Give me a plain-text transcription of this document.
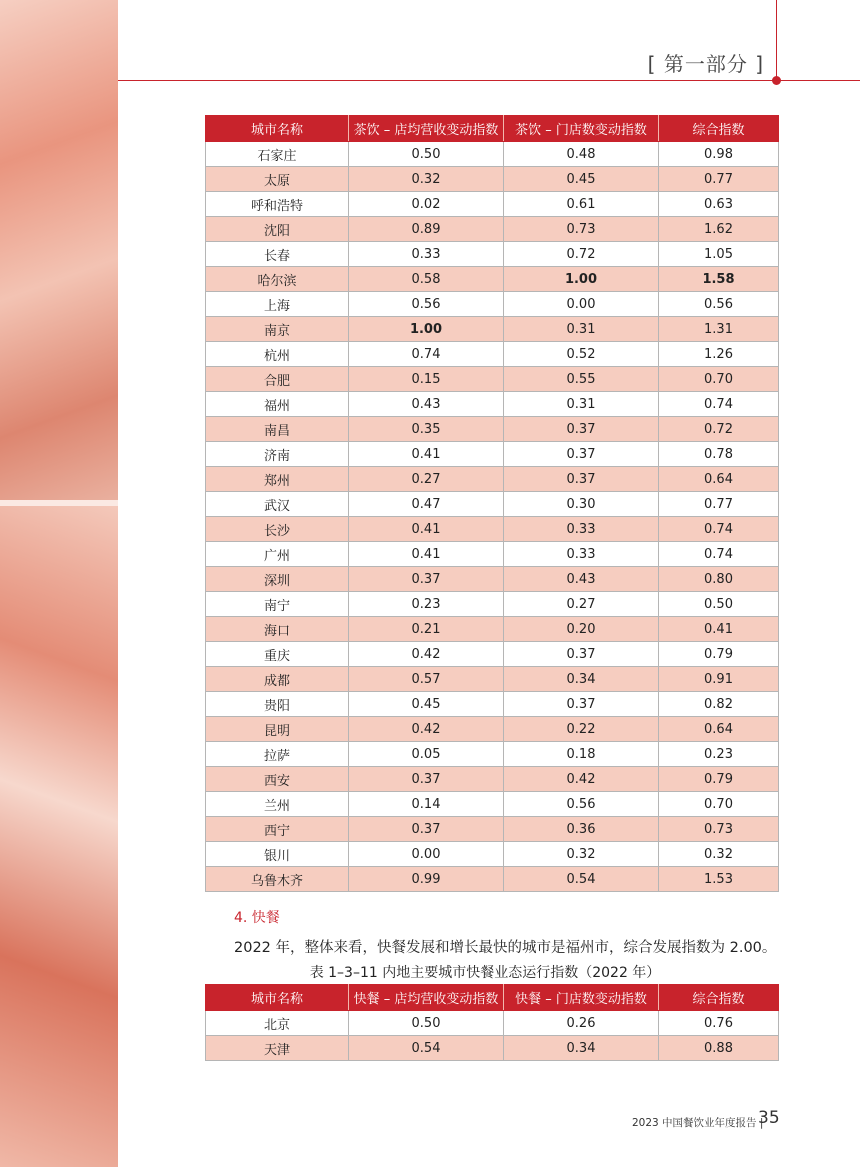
[ 第一部分 ]
城市名称	茶饮 – 店均营收变动指数	茶饮 – 门店数变动指数	综合指数
石家庄	0.50	0.48	0.98
太原	0.32	0.45	0.77
呼和浩特	0.02	0.61	0.63
沈阳	0.89	0.73	1.62
长春	0.33	0.72	1.05
哈尔滨	0.58	1.00	1.58
上海	0.56	0.00	0.56
南京	1.00	0.31	1.31
杭州	0.74	0.52	1.26
合肥	0.15	0.55	0.70
福州	0.43	0.31	0.74
南昌	0.35	0.37	0.72
济南	0.41	0.37	0.78
郑州	0.27	0.37	0.64
武汉	0.47	0.30	0.77
长沙	0.41	0.33	0.74
广州	0.41	0.33	0.74
深圳	0.37	0.43	0.80
南宁	0.23	0.27	0.50
海口	0.21	0.20	0.41
重庆	0.42	0.37	0.79
成都	0.57	0.34	0.91
贵阳	0.45	0.37	0.82
昆明	0.42	0.22	0.64
拉萨	0.05	0.18	0.23
西安	0.37	0.42	0.79
兰州	0.14	0.56	0.70
西宁	0.37	0.36	0.73
银川	0.00	0.32	0.32
乌鲁木齐	0.99	0.54	1.53
4. 快餐
2022 年，整体来看，快餐发展和增长最快的城市是福州市，综合发展指数为 2.00。
表 1–3–11 内地主要城市快餐业态运行指数（2022 年）
城市名称	快餐 – 店均营收变动指数	快餐 – 门店数变动指数	综合指数
北京	0.50	0.26	0.76
天津	0.54	0.34	0.88
2023 中国餐饮业年度报告 |
35
